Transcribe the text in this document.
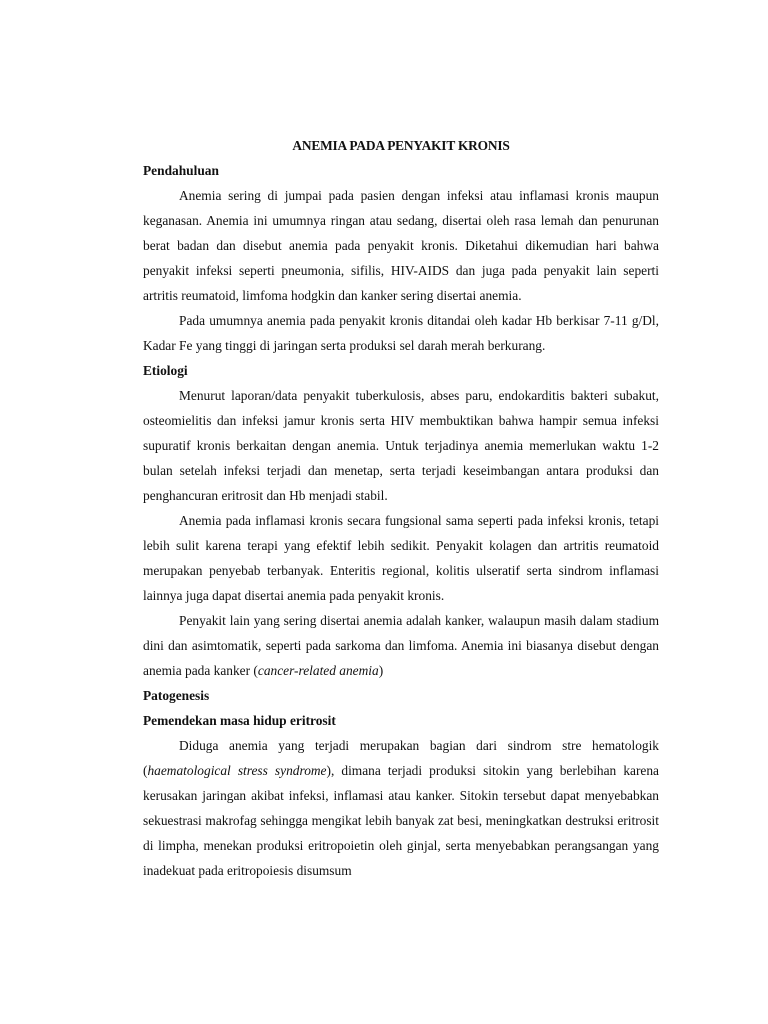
ANEMIA PADA PENYAKIT KRONIS

Pendahuluan

Anemia sering di jumpai pada pasien dengan infeksi atau inflamasi kronis maupun keganasan. Anemia ini umumnya ringan atau sedang, disertai oleh rasa lemah dan penurunan berat badan dan disebut anemia pada penyakit kronis. Diketahui dikemudian hari bahwa penyakit infeksi seperti pneumonia, sifilis, HIV-AIDS dan juga pada penyakit lain seperti artritis reumatoid, limfoma hodgkin dan kanker sering disertai anemia.

Pada umumnya anemia pada penyakit kronis ditandai oleh kadar Hb berkisar 7-11 g/Dl, Kadar Fe yang tinggi di jaringan serta produksi sel darah merah berkurang.

Etiologi

Menurut laporan/data penyakit tuberkulosis, abses paru, endokarditis bakteri subakut, osteomielitis dan infeksi jamur kronis serta HIV membuktikan bahwa hampir semua infeksi supuratif kronis berkaitan dengan anemia. Untuk terjadinya anemia memerlukan waktu 1-2 bulan setelah infeksi terjadi dan menetap, serta terjadi keseimbangan antara produksi dan penghancuran eritrosit dan Hb menjadi stabil.

Anemia pada inflamasi kronis secara fungsional sama seperti pada infeksi kronis, tetapi lebih sulit karena terapi yang efektif lebih sedikit. Penyakit kolagen dan artritis reumatoid merupakan penyebab terbanyak. Enteritis regional, kolitis ulseratif serta sindrom inflamasi lainnya juga dapat disertai anemia pada penyakit kronis.

Penyakit lain yang sering disertai anemia adalah kanker, walaupun masih dalam stadium dini dan asimtomatik, seperti pada sarkoma dan limfoma. Anemia ini biasanya disebut dengan anemia pada kanker (cancer-related anemia)

Patogenesis

Pemendekan masa hidup eritrosit

Diduga anemia yang terjadi merupakan bagian dari sindrom stre hematologik (haematological stress syndrome), dimana terjadi produksi sitokin yang berlebihan karena kerusakan jaringan akibat infeksi, inflamasi atau kanker. Sitokin tersebut dapat menyebabkan sekuestrasi makrofag sehingga mengikat lebih banyak zat besi, meningkatkan destruksi eritrosit di limpha, menekan produksi eritropoietin oleh ginjal, serta menyebabkan perangsangan yang inadekuat pada eritropoiesis disumsum
